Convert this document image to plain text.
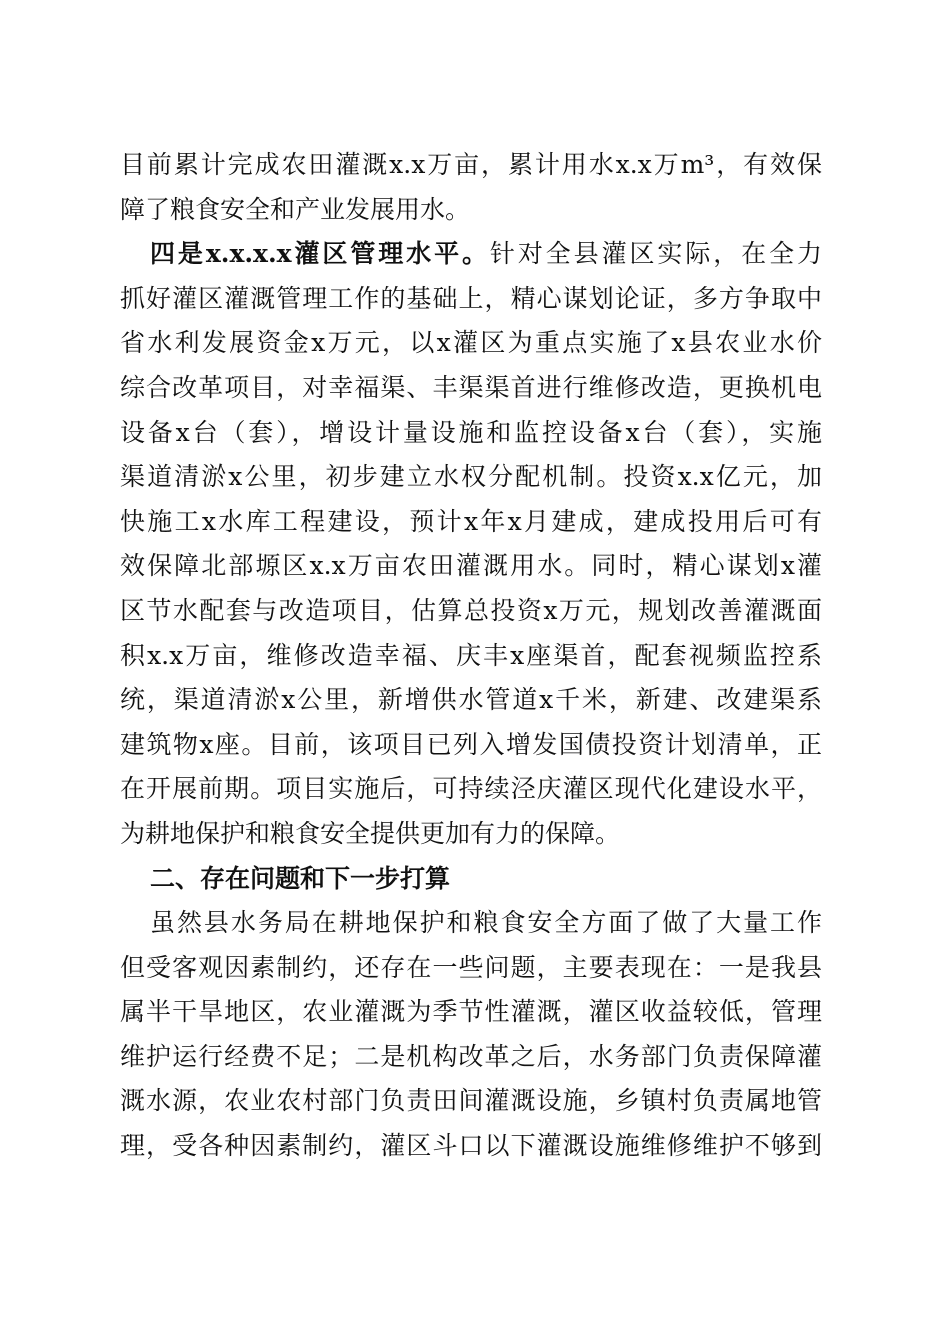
目前累计完成农田灌溉x.x万亩，累计用水x.x万m³，有效保
障了粮食安全和产业发展用水。
四是x.x.x.x灌区管理水平。针对全县灌区实际，在全力
抓好灌区灌溉管理工作的基础上，精心谋划论证，多方争取中
省水利发展资金x万元，以x灌区为重点实施了x县农业水价
综合改革项目，对幸福渠、丰渠渠首进行维修改造，更换机电
设备x台（套），增设计量设施和监控设备x台（套），实施
渠道清淤x公里，初步建立水权分配机制。投资x.x亿元，加
快施工x水库工程建设，预计x年x月建成，建成投用后可有
效保障北部塬区x.x万亩农田灌溉用水。同时，精心谋划x灌
区节水配套与改造项目，估算总投资x万元，规划改善灌溉面
积x.x万亩，维修改造幸福、庆丰x座渠首，配套视频监控系
统，渠道清淤x公里，新增供水管道x千米，新建、改建渠系
建筑物x座。目前，该项目已列入增发国债投资计划清单，正
在开展前期。项目实施后，可持续泾庆灌区现代化建设水平，
为耕地保护和粮食安全提供更加有力的保障。
二、存在问题和下一步打算
虽然县水务局在耕地保护和粮食安全方面了做了大量工作
但受客观因素制约，还存在一些问题，主要表现在：一是我县
属半干旱地区，农业灌溉为季节性灌溉，灌区收益较低，管理
维护运行经费不足；二是机构改革之后，水务部门负责保障灌
溉水源，农业农村部门负责田间灌溉设施，乡镇村负责属地管
理，受各种因素制约，灌区斗口以下灌溉设施维修维护不够到
